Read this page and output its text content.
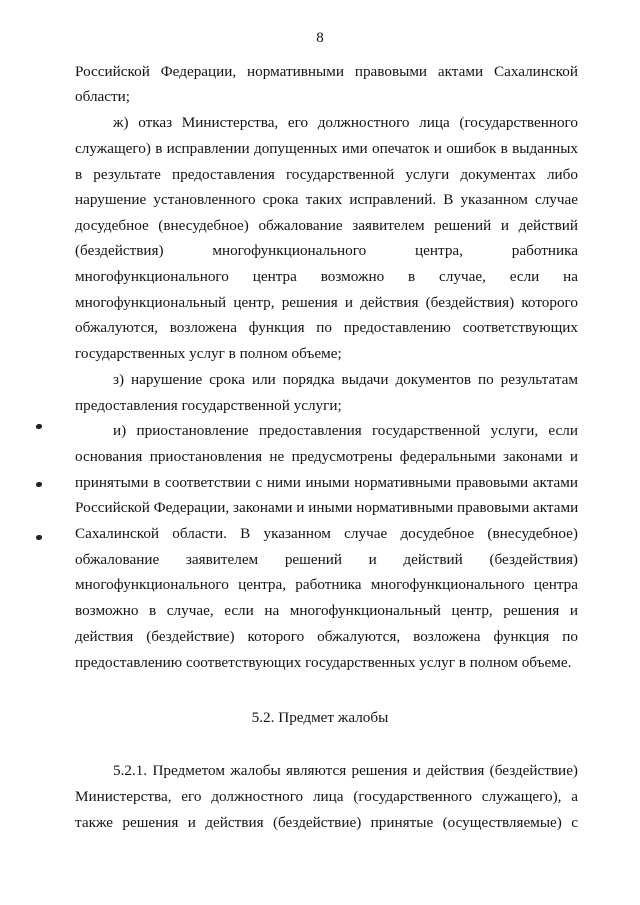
8
Российской Федерации, нормативными правовыми актами Сахалинской
области;
ж) отказ Министерства, его должностного лица (государственного
служащего) в исправлении допущенных ими опечаток и ошибок в выданных
в результате предоставления государственной услуги документах либо
нарушение установленного срока таких исправлений. В указанном случае
досудебное (внесудебное) обжалование заявителем решений и действий
(бездействия) многофункционального центра, работника
многофункционального центра возможно в случае, если на
многофункциональный центр, решения и действия (бездействия) которого
обжалуются, возложена функция по предоставлению соответствующих
государственных услуг в полном объеме;
з) нарушение срока или порядка выдачи документов по результатам
предоставления государственной услуги;
и) приостановление предоставления государственной услуги, если
основания приостановления не предусмотрены федеральными законами и
принятыми в соответствии с ними иными нормативными правовыми актами
Российской Федерации, законами и иными нормативными правовыми актами
Сахалинской области. В указанном случае досудебное (внесудебное)
обжалование заявителем решений и действий (бездействия)
многофункционального центра, работника многофункционального центра
возможно в случае, если на многофункциональный центр, решения и
действия (бездействие) которого обжалуются, возложена функция по
предоставлению соответствующих государственных услуг в полном объеме.
5.2. Предмет жалобы
5.2.1. Предметом жалобы являются решения и действия (бездействие)
Министерства, его должностного лица (государственного служащего), а
также решения и действия (бездействие) принятые (осуществляемые) с
